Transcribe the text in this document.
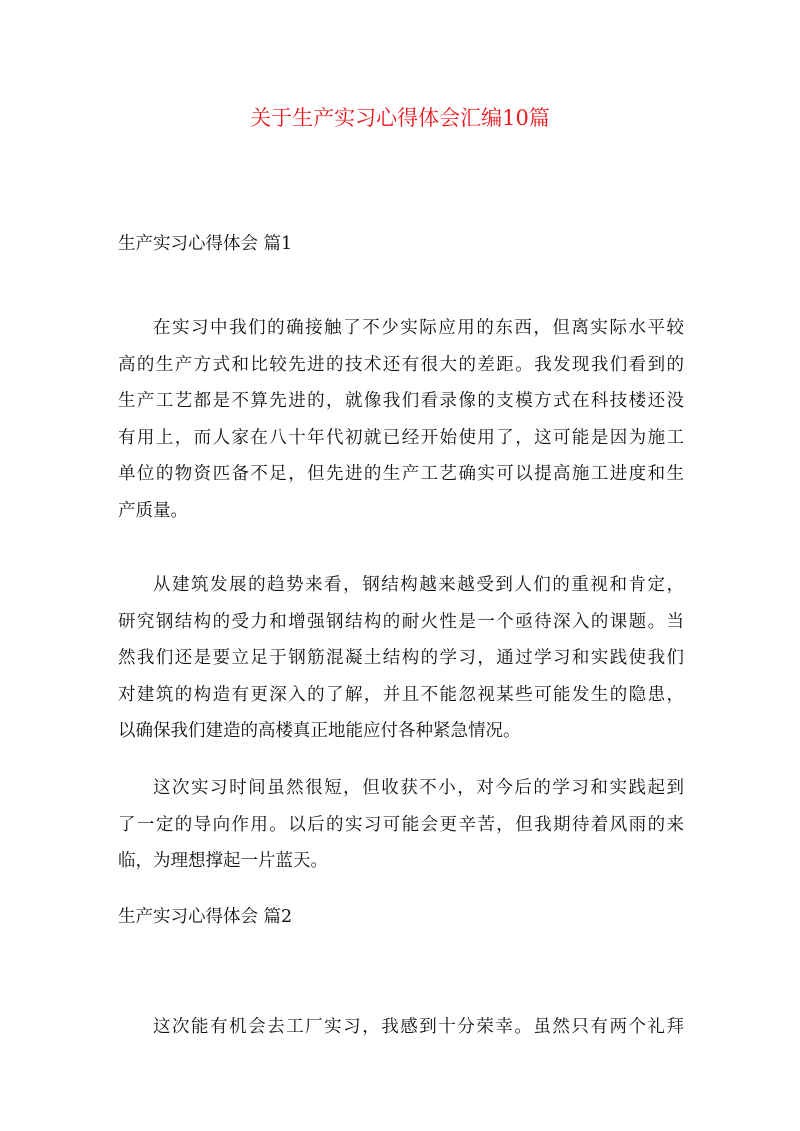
关于生产实习心得体会汇编10篇
生产实习心得体会 篇1
在实习中我们的确接触了不少实际应用的东西，但离实际水平较
高的生产方式和比较先进的技术还有很大的差距。我发现我们看到的
生产工艺都是不算先进的，就像我们看录像的支模方式在科技楼还没
有用上，而人家在八十年代初就已经开始使用了，这可能是因为施工
单位的物资匹备不足，但先进的生产工艺确实可以提高施工进度和生
产质量。
从建筑发展的趋势来看，钢结构越来越受到人们的重视和肯定，
研究钢结构的受力和增强钢结构的耐火性是一个亟待深入的课题。当
然我们还是要立足于钢筋混凝土结构的学习，通过学习和实践使我们
对建筑的构造有更深入的了解，并且不能忽视某些可能发生的隐患，
以确保我们建造的高楼真正地能应付各种紧急情况。
这次实习时间虽然很短，但收获不小，对今后的学习和实践起到
了一定的导向作用。以后的实习可能会更辛苦，但我期待着风雨的来
临，为理想撑起一片蓝天。
生产实习心得体会 篇2
这次能有机会去工厂实习，我感到十分荣幸。虽然只有两个礼拜
